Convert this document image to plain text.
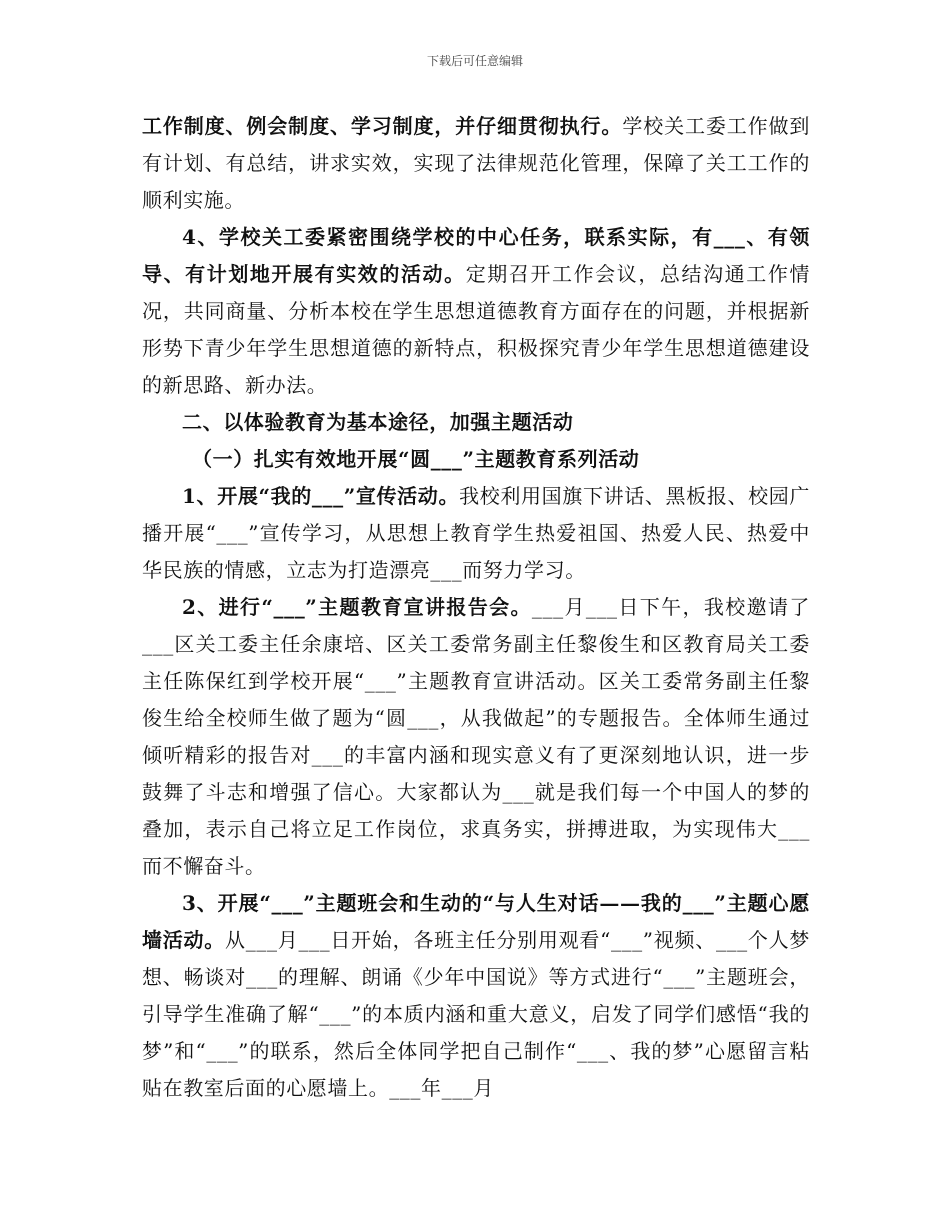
下载后可任意编辑

工作制度、例会制度、学习制度，并仔细贯彻执行。学校关工委工作做到有计划、有总结，讲求实效，实现了法律规范化管理，保障了关工工作的顺利实施。

4、学校关工委紧密围绕学校的中心任务，联系实际，有___、有领导、有计划地开展有实效的活动。定期召开工作会议，总结沟通工作情况，共同商量、分析本校在学生思想道德教育方面存在的问题，并根据新形势下青少年学生思想道德的新特点，积极探究青少年学生思想道德建设的新思路、新办法。

二、以体验教育为基本途径，加强主题活动

（一）扎实有效地开展“圆___”主题教育系列活动

1、开展“我的___”宣传活动。我校利用国旗下讲话、黑板报、校园广播开展“___”宣传学习，从思想上教育学生热爱祖国、热爱人民、热爱中华民族的情感，立志为打造漂亮___而努力学习。

2、进行“___”主题教育宣讲报告会。___月___日下午，我校邀请了___区关工委主任余康培、区关工委常务副主任黎俊生和区教育局关工委主任陈保红到学校开展“___”主题教育宣讲活动。区关工委常务副主任黎俊生给全校师生做了题为“圆___，从我做起”的专题报告。全体师生通过倾听精彩的报告对___的丰富内涵和现实意义有了更深刻地认识，进一步鼓舞了斗志和增强了信心。大家都认为___就是我们每一个中国人的梦的叠加，表示自己将立足工作岗位，求真务实，拼搏进取，为实现伟大___而不懈奋斗。

3、开展“___”主题班会和生动的“与人生对话——我的___”主题心愿墙活动。从___月___日开始，各班主任分别用观看“___”视频、___个人梦想、畅谈对___的理解、朗诵《少年中国说》等方式进行“___”主题班会，引导学生准确了解“___”的本质内涵和重大意义，启发了同学们感悟“我的梦”和“___”的联系，然后全体同学把自己制作“___、我的梦”心愿留言粘贴在教室后面的心愿墙上。___年___月
